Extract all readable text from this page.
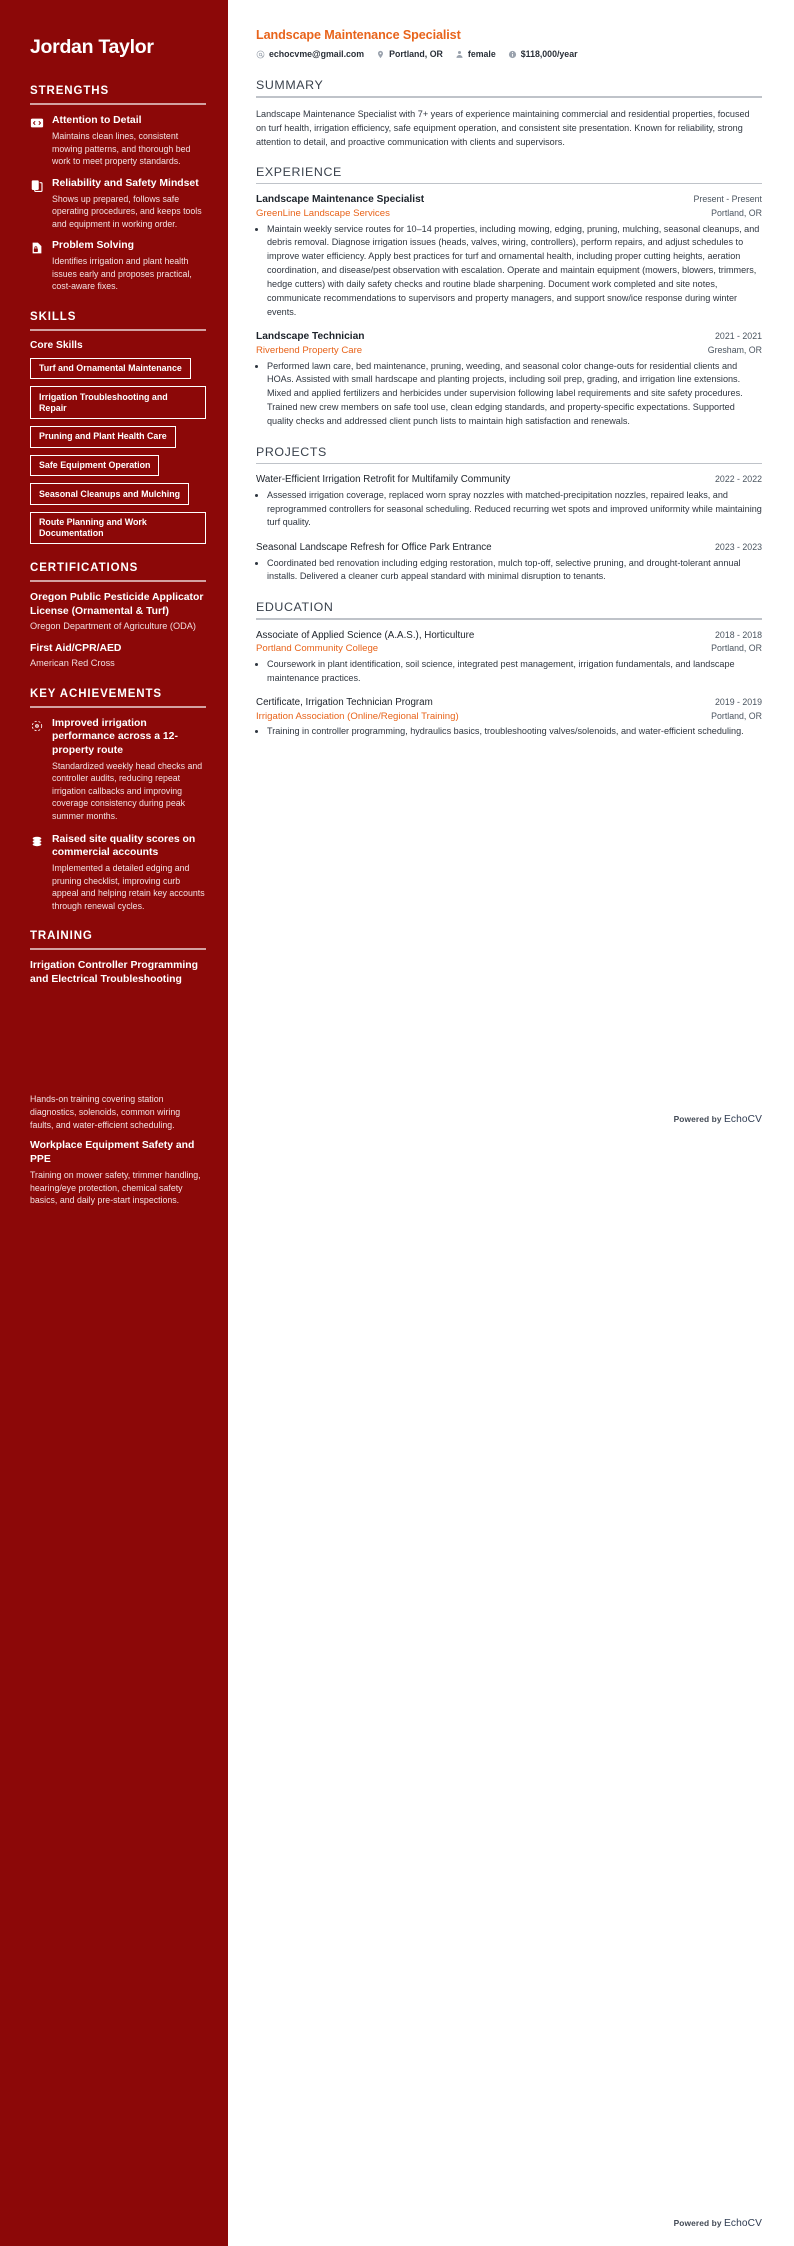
Jordan Taylor
STRENGTHS
Attention to Detail
Maintains clean lines, consistent mowing patterns, and thorough bed work to meet property standards.
Reliability and Safety Mindset
Shows up prepared, follows safe operating procedures, and keeps tools and equipment in working order.
Problem Solving
Identifies irrigation and plant health issues early and proposes practical, cost-aware fixes.
SKILLS
Core Skills
Turf and Ornamental Maintenance
Irrigation Troubleshooting and Repair
Pruning and Plant Health Care
Safe Equipment Operation
Seasonal Cleanups and Mulching
Route Planning and Work Documentation
CERTIFICATIONS
Oregon Public Pesticide Applicator License (Ornamental & Turf)
Oregon Department of Agriculture (ODA)
First Aid/CPR/AED
American Red Cross
KEY ACHIEVEMENTS
Improved irrigation performance across a 12-property route
Standardized weekly head checks and controller audits, reducing repeat irrigation callbacks and improving coverage consistency during peak summer months.
Raised site quality scores on commercial accounts
Implemented a detailed edging and pruning checklist, improving curb appeal and helping retain key accounts through renewal cycles.
TRAINING
Irrigation Controller Programming and Electrical Troubleshooting
Hands-on training covering station diagnostics, solenoids, common wiring faults, and water-efficient scheduling.
Workplace Equipment Safety and PPE
Training on mower safety, trimmer handling, hearing/eye protection, chemical safety basics, and daily pre-start inspections.
Landscape Maintenance Specialist
echocvme@gmail.com	Portland, OR	female	$118,000/year
SUMMARY
Landscape Maintenance Specialist with 7+ years of experience maintaining commercial and residential properties, focused on turf health, irrigation efficiency, safe equipment operation, and consistent site presentation. Known for reliability, strong attention to detail, and proactive communication with clients and supervisors.
EXPERIENCE
Landscape Maintenance Specialist	Present - Present
GreenLine Landscape Services	Portland, OR
• Maintain weekly service routes for 10–14 properties, including mowing, edging, pruning, mulching, seasonal cleanups, and debris removal. Diagnose irrigation issues (heads, valves, wiring, controllers), perform repairs, and adjust schedules to improve water efficiency. Apply best practices for turf and ornamental health, including proper cutting heights, aeration coordination, and disease/pest observation with escalation. Operate and maintain equipment (mowers, blowers, trimmers, hedge cutters) with daily safety checks and routine blade sharpening. Document work completed and site notes, communicate recommendations to supervisors and property managers, and support snow/ice response during winter events.
Landscape Technician	2021 - 2021
Riverbend Property Care	Gresham, OR
• Performed lawn care, bed maintenance, pruning, weeding, and seasonal color change-outs for residential clients and HOAs. Assisted with small hardscape and planting projects, including soil prep, grading, and irrigation line extensions. Mixed and applied fertilizers and herbicides under supervision following label requirements and site safety procedures. Trained new crew members on safe tool use, clean edging standards, and property-specific expectations. Supported quality checks and addressed client punch lists to maintain high satisfaction and renewals.
PROJECTS
Water-Efficient Irrigation Retrofit for Multifamily Community	2022 - 2022
• Assessed irrigation coverage, replaced worn spray nozzles with matched-precipitation nozzles, repaired leaks, and reprogrammed controllers for seasonal scheduling. Reduced recurring wet spots and improved uniformity while maintaining turf quality.
Seasonal Landscape Refresh for Office Park Entrance	2023 - 2023
• Coordinated bed renovation including edging restoration, mulch top-off, selective pruning, and drought-tolerant annual installs. Delivered a cleaner curb appeal standard with minimal disruption to tenants.
EDUCATION
Associate of Applied Science (A.A.S.), Horticulture	2018 - 2018
Portland Community College	Portland, OR
• Coursework in plant identification, soil science, integrated pest management, irrigation fundamentals, and landscape maintenance practices.
Certificate, Irrigation Technician Program	2019 - 2019
Irrigation Association (Online/Regional Training)	Portland, OR
• Training in controller programming, hydraulics basics, troubleshooting valves/solenoids, and water-efficient scheduling.
Powered by EchoCV
Powered by EchoCV
